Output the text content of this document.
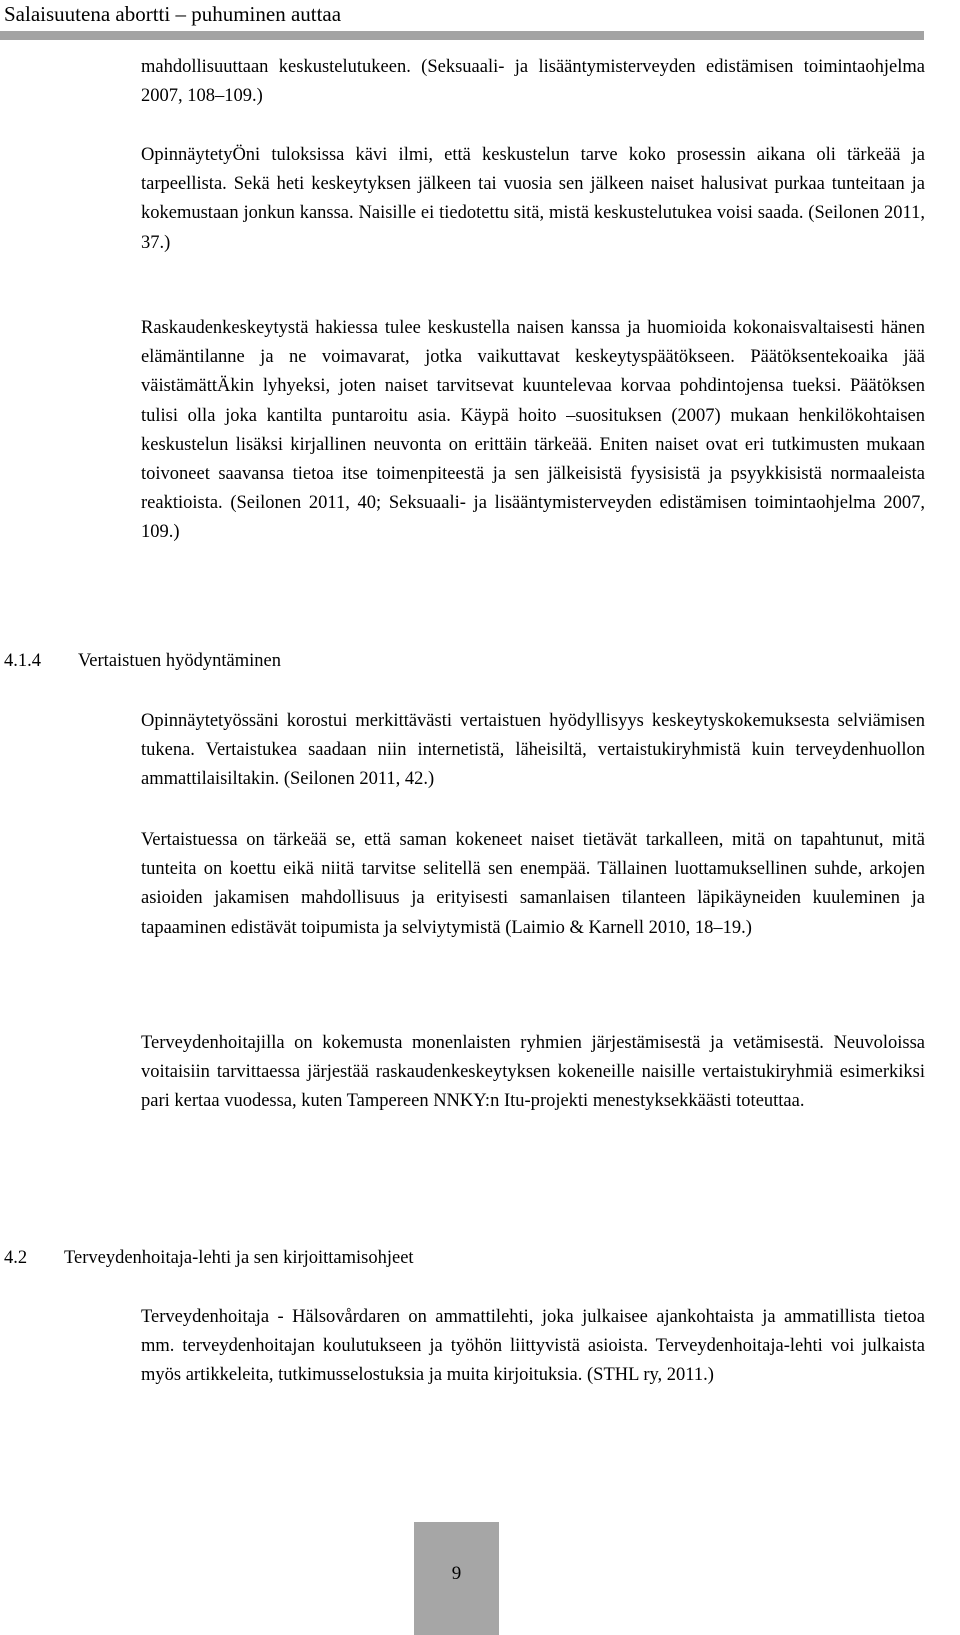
Salaisuutena abortti – puhuminen auttaa

mahdollisuuttaan keskustelutukeen. (Seksuaali- ja lisääntymisterveyden edistämisen toimintaohjelma 2007, 108–109.)

OpinnäytetyÖni tuloksissa kävi ilmi, että keskustelun tarve koko prosessin aikana oli tärkeää ja tarpeellista. Sekä heti keskeytyksen jälkeen tai vuosia sen jälkeen naiset halusivat purkaa tunteitaan ja kokemustaan jonkun kanssa. Naisille ei tiedotettu sitä, mistä keskustelutukea voisi saada. (Seilonen 2011, 37.)

Raskaudenkeskeytystä hakiessa tulee keskustella naisen kanssa ja huomioida kokonaisvaltaisesti hänen elämäntilanne ja ne voimavarat, jotka vaikuttavat keskeytyspäätökseen. Päätöksentekoaika jää väistämättÄkin lyhyeksi, joten naiset tarvitsevat kuuntelevaa korvaa pohdintojensa tueksi. Päätöksen tulisi olla joka kantilta puntaroitu asia. Käypä hoito –suosituksen (2007) mukaan henkilökohtaisen keskustelun lisäksi kirjallinen neuvonta on erittäin tärkeää. Eniten naiset ovat eri tutkimusten mukaan toivoneet saavansa tietoa itse toimenpiteestä ja sen jälkeisistä fyysisistä ja psyykkisistä normaaleista reaktioista. (Seilonen 2011, 40; Seksuaali- ja lisääntymisterveyden edistämisen toimintaohjelma 2007, 109.)

4.1.4 Vertaistuen hyödyntäminen

Opinnäytetyössäni korostui merkittävästi vertaistuen hyödyllisyys keskeytyskokemuksesta selviämisen tukena. Vertaistukea saadaan niin internetistä, läheisiltä, vertaistukiryhmistä kuin terveydenhuollon ammattilaisiltakin. (Seilonen 2011, 42.)

Vertaistuessa on tärkeää se, että saman kokeneet naiset tietävät tarkalleen, mitä on tapahtunut, mitä tunteita on koettu eikä niitä tarvitse selitellä sen enempää. Tällainen luottamuksellinen suhde, arkojen asioiden jakamisen mahdollisuus ja erityisesti samanlaisen tilanteen läpikäyneiden kuuleminen ja tapaaminen edistävät toipumista ja selviytymistä (Laimio & Karnell 2010, 18–19.)

Terveydenhoitajilla on kokemusta monenlaisten ryhmien järjestämisestä ja vetämisestä. Neuvoloissa voitaisiin tarvittaessa järjestää raskaudenkeskeytyksen kokeneille naisille vertaistukiryhmiä esimerkiksi pari kertaa vuodessa, kuten Tampereen NNKY:n Itu-projekti menestyksekkäästi toteuttaa.

4.2 Terveydenhoitaja-lehti ja sen kirjoittamisohjeet

Terveydenhoitaja - Hälsovårdaren on ammattilehti, joka julkaisee ajankohtaista ja ammatillista tietoa mm. terveydenhoitajan koulutukseen ja työhön liittyvistä asioista. Terveydenhoitaja-lehti voi julkaista myös artikkeleita, tutkimusselostuksia ja muita kirjoituksia. (STHL ry, 2011.)

9
